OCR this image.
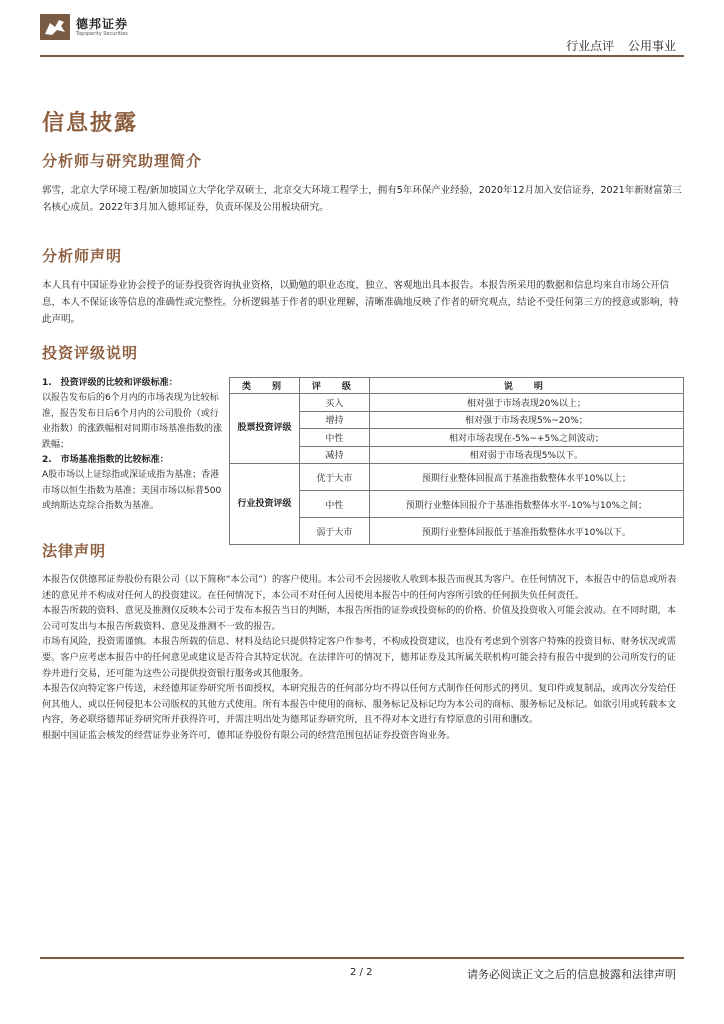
德邦证券
Topsperity Securities
行业点评 公用事业
信息披露
分析师与研究助理简介
郭雪，北京大学环境工程/新加坡国立大学化学双硕士，北京交大环境工程学士，拥有5年环保产业经验，2020年12月加入安信证券，2021年新财富第三名核心成员。2022年3月加入德邦证券，负责环保及公用板块研究。
分析师声明
本人具有中国证券业协会授予的证券投资咨询执业资格，以勤勉的职业态度，独立、客观地出具本报告。本报告所采用的数据和信息均来自市场公开信息，本人不保证该等信息的准确性或完整性。分析逻辑基于作者的职业理解，清晰准确地反映了作者的研究观点，结论不受任何第三方的授意或影响，特此声明。
投资评级说明
1.　投资评级的比较和评级标准：
以报告发布后的6个月内的市场表现为比较标准，报告发布日后6个月内的公司股价（或行业指数）的涨跌幅相对同期市场基准指数的涨跌幅；
2.　市场基准指数的比较标准：
A股市场以上证综指或深证成指为基准；香港市场以恒生指数为基准；美国市场以标普500或纳斯达克综合指数为基准。
类　别	评　级	说　明
股票投资评级	买入	相对强于市场表现20%以上；
	增持	相对强于市场表现5%~20%；
	中性	相对市场表现在-5%~+5%之间波动；
	减持	相对弱于市场表现5%以下。
行业投资评级	优于大市	预期行业整体回报高于基准指数整体水平10%以上；
	中性	预期行业整体回报介于基准指数整体水平-10%与10%之间；
	弱于大市	预期行业整体回报低于基准指数整体水平10%以下。
法律声明

本报告仅供德邦证券股份有限公司（以下简称“本公司”）的客户使用。本公司不会因接收人收到本报告而视其为客户。在任何情况下，本报告中的信息或所表述的意见并不构成对任何人的投资建议。在任何情况下，本公司不对任何人因使用本报告中的任何内容所引致的任何损失负任何责任。

本报告所载的资料、意见及推测仅反映本公司于发布本报告当日的判断，本报告所指的证券或投资标的的价格、价值及投资收入可能会波动。在不同时期，本公司可发出与本报告所载资料、意见及推测不一致的报告。

市场有风险，投资需谨慎。本报告所载的信息、材料及结论只提供特定客户作参考，不构成投资建议，也没有考虑到个别客户特殊的投资目标、财务状况或需要。客户应考虑本报告中的任何意见或建议是否符合其特定状况。在法律许可的情况下，德邦证券及其所属关联机构可能会持有报告中提到的公司所发行的证券并进行交易，还可能为这些公司提供投资银行服务或其他服务。

本报告仅向特定客户传送，未经德邦证券研究所书面授权，本研究报告的任何部分均不得以任何方式制作任何形式的拷贝、复印件或复制品，或再次分发给任何其他人，或以任何侵犯本公司版权的其他方式使用。所有本报告中使用的商标、服务标记及标记均为本公司的商标、服务标记及标记。如欲引用或转载本文内容，务必联络德邦证券研究所并获得许可，并需注明出处为德邦证券研究所，且不得对本文进行有悖原意的引用和删改。

根据中国证监会核发的经营证券业务许可，德邦证券股份有限公司的经营范围包括证券投资咨询业务。

2 / 2	请务必阅读正文之后的信息披露和法律声明
